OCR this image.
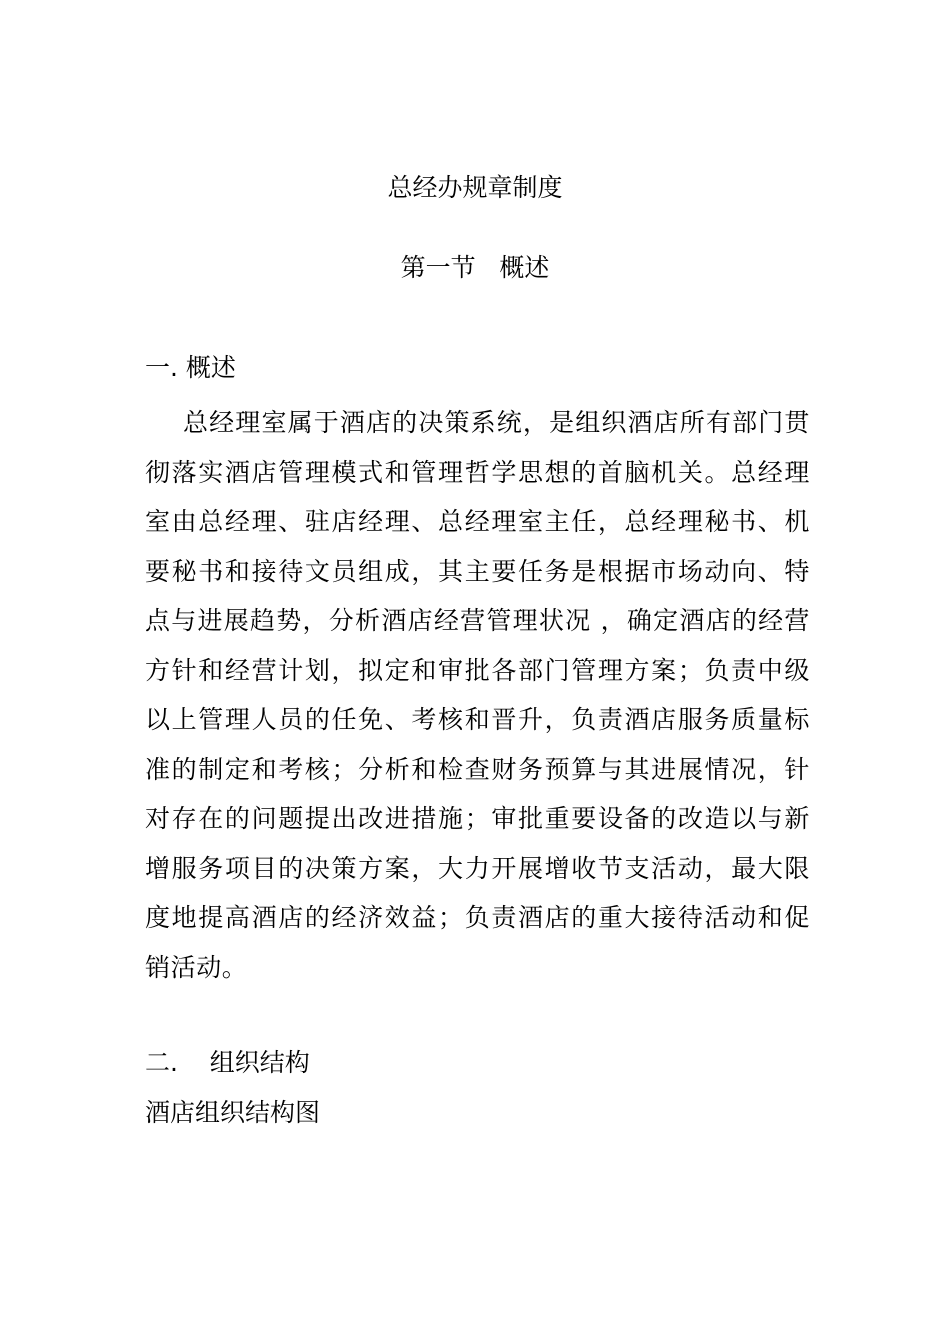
总经办规章制度
第一节   概述
一. 概述

总经理室属于酒店的决策系统，是组织酒店所有部门贯彻落实酒店管理模式和管理哲学思想的首脑机关。总经理室由总经理、驻店经理、总经理室主任，总经理秘书、机要秘书和接待文员组成，其主要任务是根据市场动向、特点与进展趋势，分析酒店经营管理状况 ，确定酒店的经营方针和经营计划，拟定和审批各部门管理方案；负责中级以上管理人员的任免、考核和晋升，负责酒店服务质量标准的制定和考核；分析和检查财务预算与其进展情况，针对存在的问题提出改进措施；审批重要设备的改造以与新增服务项目的决策方案，大力开展增收节支活动，最大限度地提高酒店的经济效益；负责酒店的重大接待活动和促销活动。

二.    组织结构

酒店组织结构图
